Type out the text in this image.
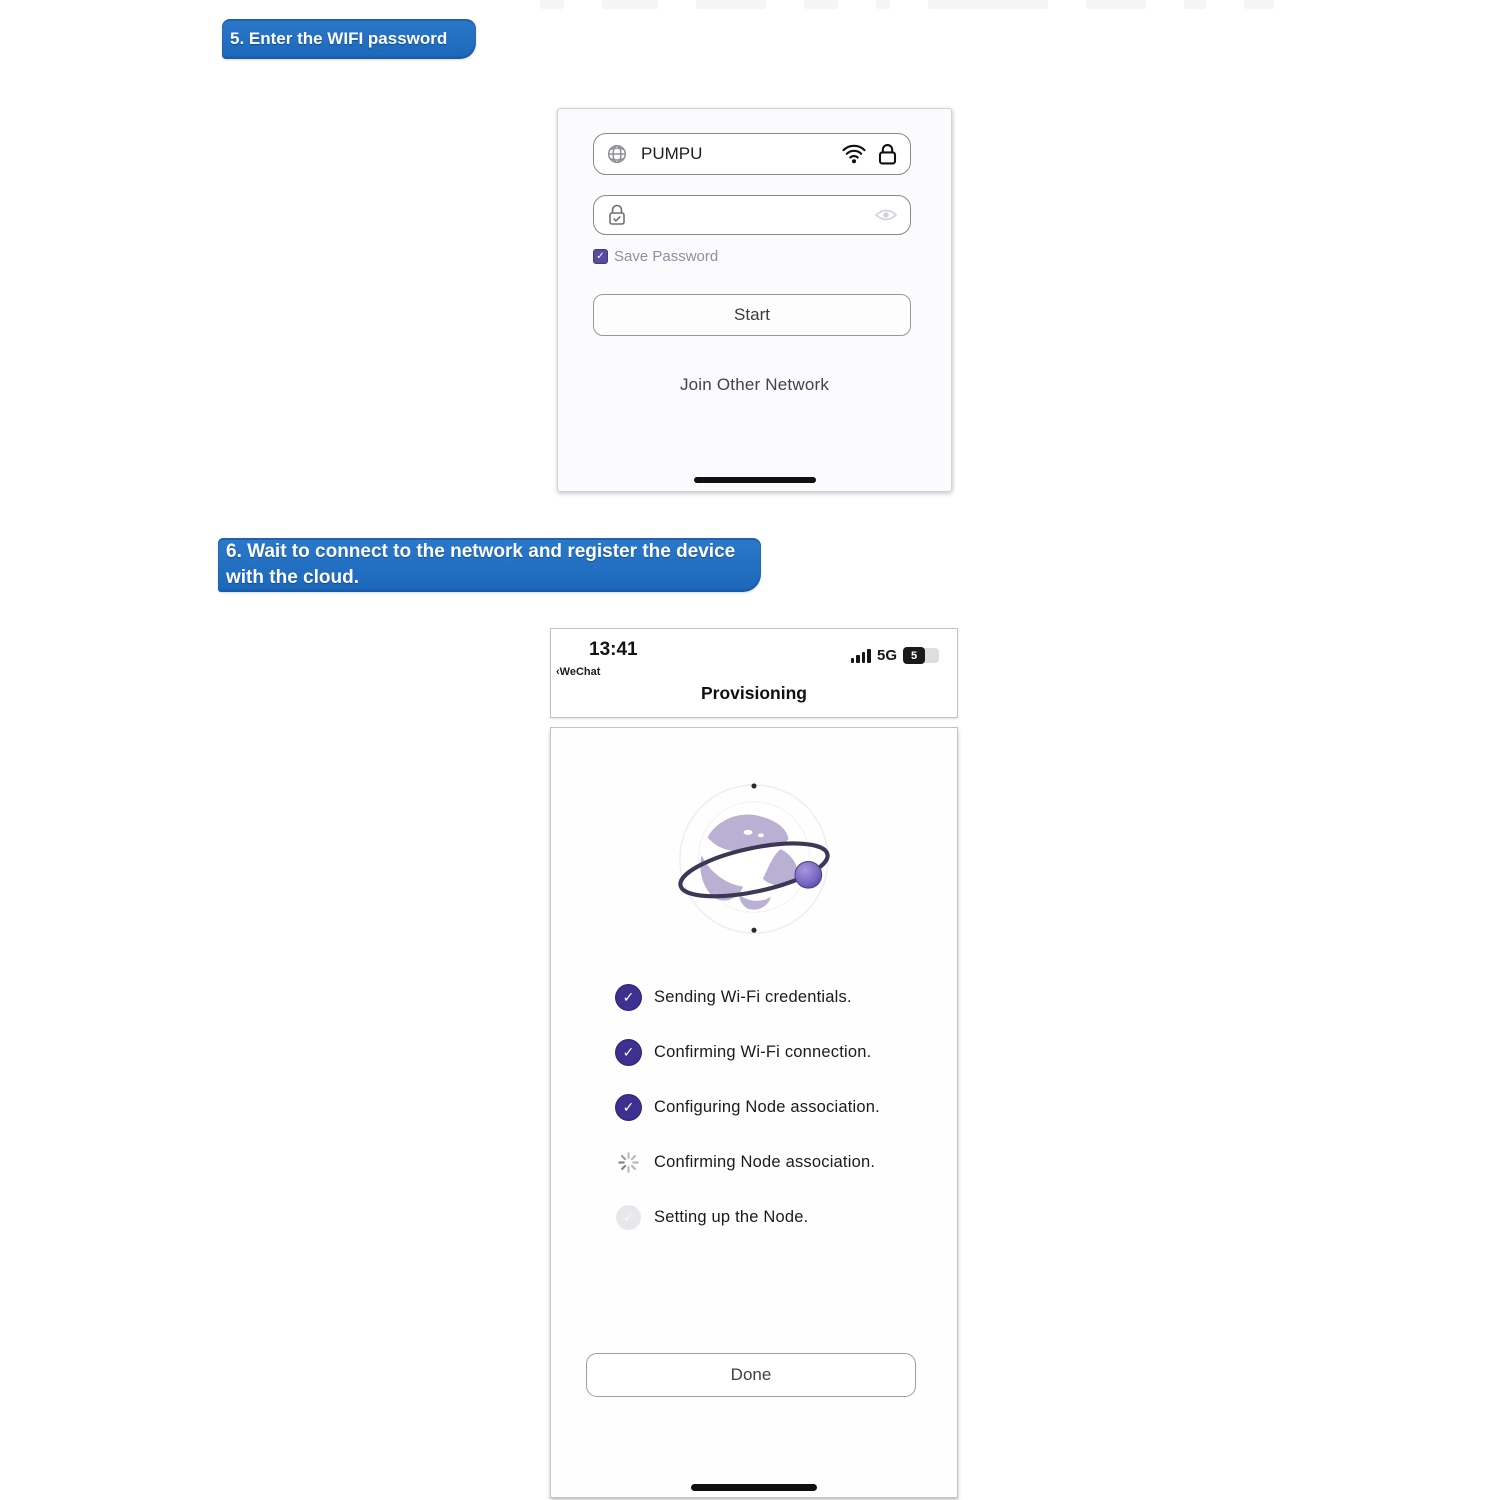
5. Enter the WIFI password
PUMPU
✓
Save Password
Start
Join Other Network
6. Wait to connect to the network and register the device with the cloud.
13:41
‹WeChat
5G	5
Provisioning
✓
Sending Wi-Fi credentials.
✓
Confirming Wi-Fi connection.
✓
Configuring Node association.
Confirming Node association.
✓
Setting up the Node.
Done
